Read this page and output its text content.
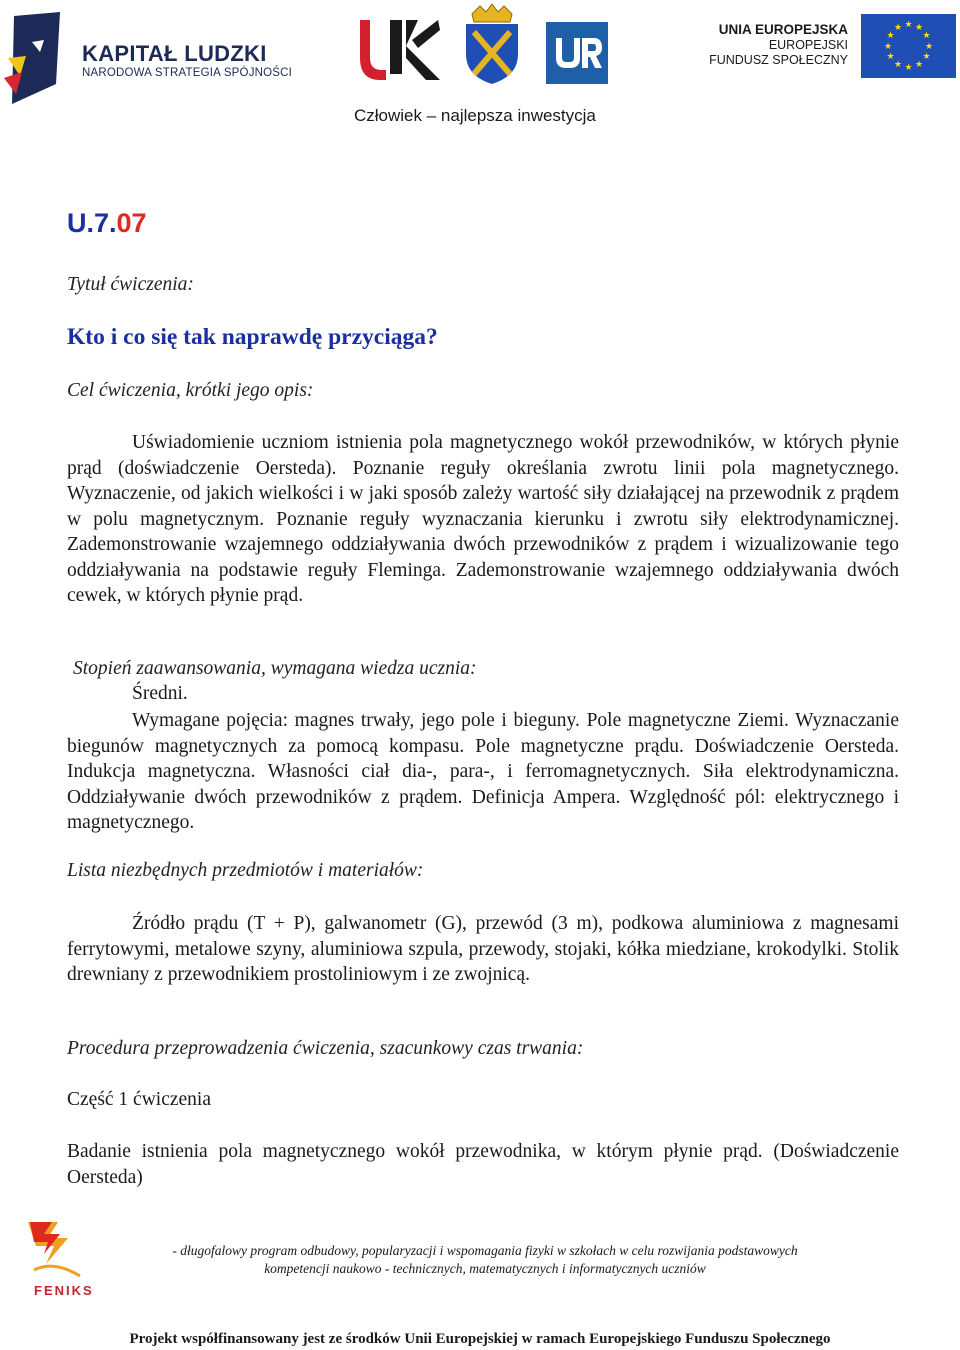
KAPITAŁ LUDZKI
NARODOWA STRATEGIA SPÓJNOŚCI
UNIA EUROPEJSKA
EUROPEJSKI
FUNDUSZ SPOŁECZNY
★ ★
★
★
★
★
★
★
★
★
★
★
Człowiek – najlepsza inwestycja
U.7.07
Tytuł ćwiczenia:
Kto i co się tak naprawdę przyciąga?
Cel ćwiczenia, krótki jego opis:

Uświadomienie uczniom istnienia pola magnetycznego wokół przewodników, w których płynie prąd (doświadczenie Oersteda). Poznanie reguły określania zwrotu linii pola magnetycznego. Wyznaczenie, od jakich wielkości i w jaki sposób zależy wartość siły działającej na przewodnik z prądem w polu magnetycznym. Poznanie reguły wyznaczania kierunku i zwrotu siły elektrodynamicznej. Zademonstrowanie wzajemnego oddziaływania dwóch przewodników z prądem i wizualizowanie tego oddziaływania na podstawie reguły Fleminga. Zademonstrowanie wzajemnego oddziaływania dwóch cewek, w których płynie prąd.

Stopień zaawansowania, wymagana wiedza ucznia:
Średni.

Wymagane pojęcia: magnes trwały, jego pole i bieguny. Pole magnetyczne Ziemi. Wyznaczanie biegunów magnetycznych za pomocą kompasu. Pole magnetyczne prądu. Doświadczenie Oersteda. Indukcja magnetyczna. Własności ciał dia-, para-, i ferromagnetycznych. Siła elektrodynamiczna. Oddziaływanie dwóch przewodników z prądem. Definicja Ampera. Względność pól: elektrycznego i magnetycznego.

Lista niezbędnych przedmiotów i materiałów:

Źródło prądu (T + P), galwanometr (G), przewód (3 m), podkowa aluminiowa z magnesami ferrytowymi, metalowe szyny, aluminiowa szpula, przewody, stojaki, kółka miedziane, krokodylki. Stolik drewniany z przewodnikiem prostoliniowym i ze zwojnicą.

Procedura przeprowadzenia ćwiczenia, szacunkowy czas trwania:
Część 1 ćwiczenia

Badanie istnienia pola magnetycznego wokół przewodnika, w którym płynie prąd. (Doświadczenie Oersteda)

FENIKS
- długofalowy program odbudowy, popularyzacji i wspomagania fizyki w szkołach w celu rozwijania podstawowych
kompetencji naukowo - technicznych, matematycznych i informatycznych uczniów
Projekt współfinansowany jest ze środków Unii Europejskiej w ramach Europejskiego Funduszu Społecznego
